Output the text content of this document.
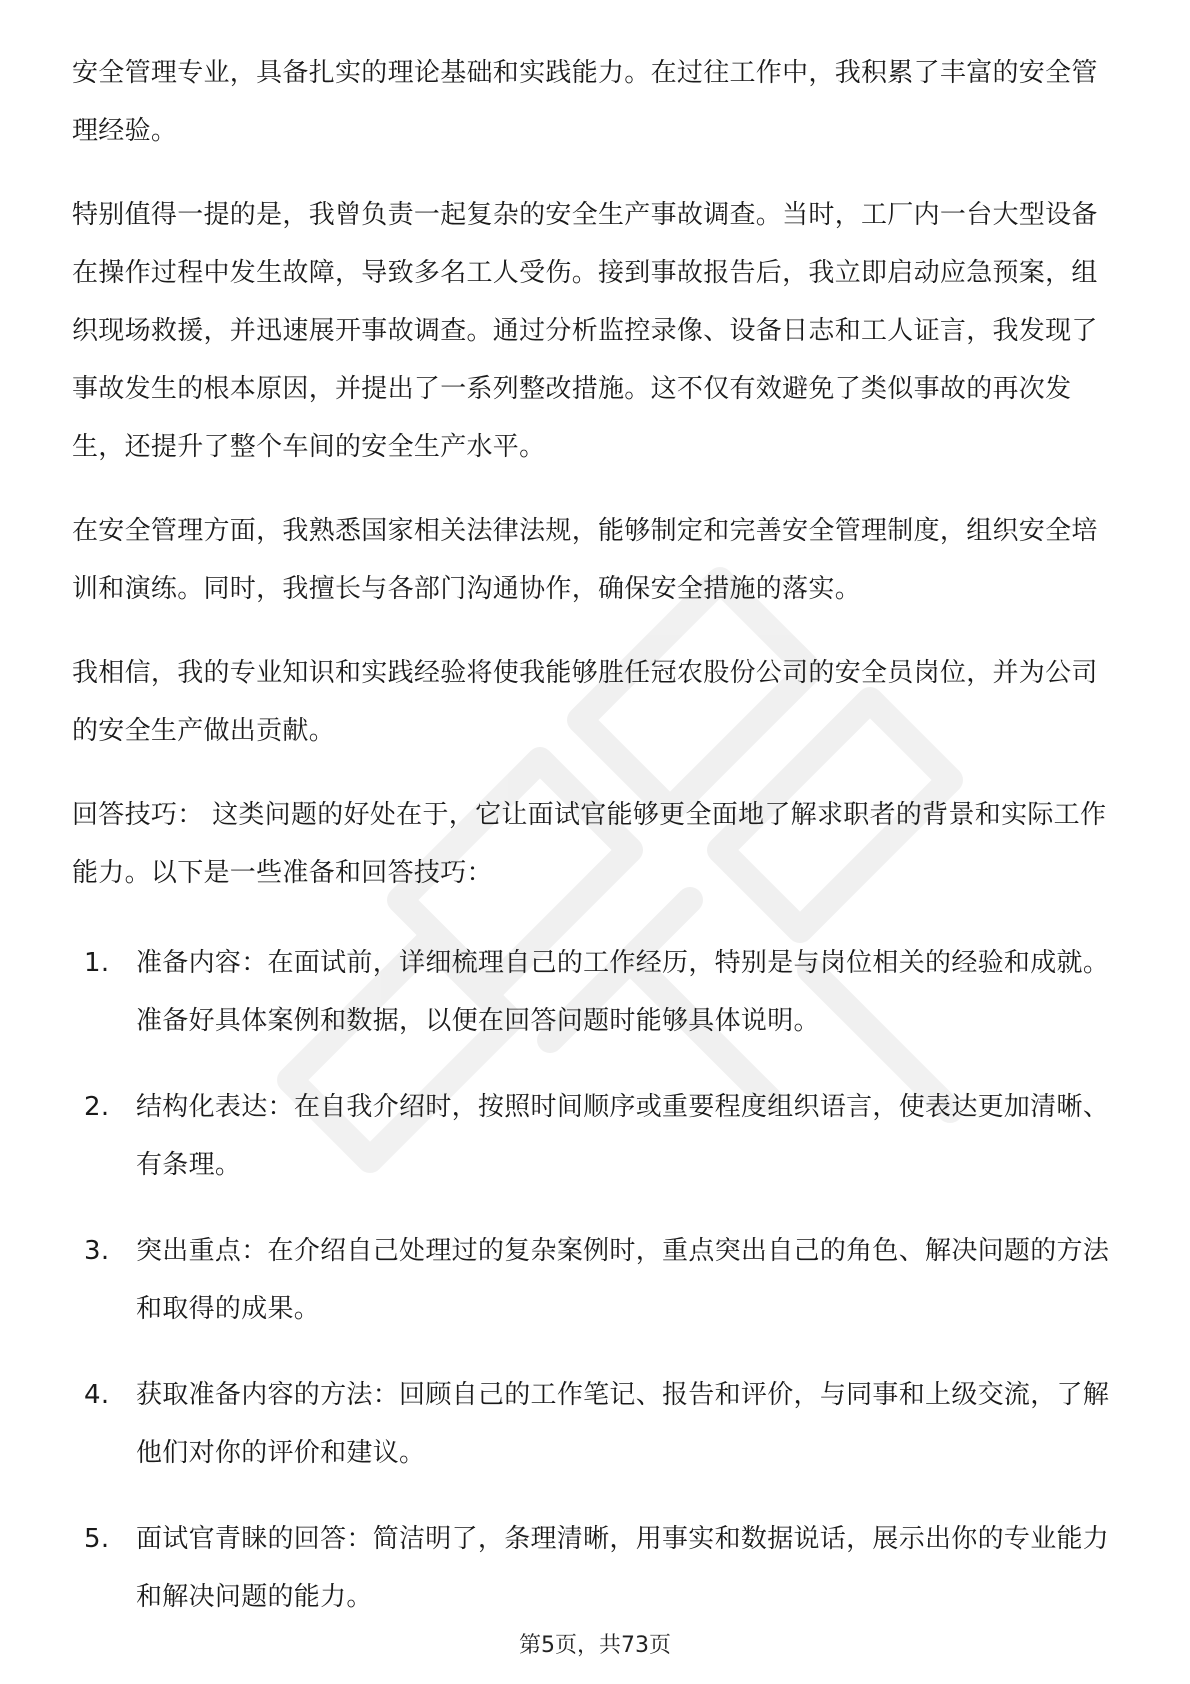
安全管理专业，具备扎实的理论基础和实践能力。在过往工作中，我积累了丰富的安全管理经验。

特别值得一提的是，我曾负责一起复杂的安全生产事故调查。当时，工厂内一台大型设备在操作过程中发生故障，导致多名工人受伤。接到事故报告后，我立即启动应急预案，组织现场救援，并迅速展开事故调查。通过分析监控录像、设备日志和工人证言，我发现了事故发生的根本原因，并提出了一系列整改措施。这不仅有效避免了类似事故的再次发生，还提升了整个车间的安全生产水平。

在安全管理方面，我熟悉国家相关法律法规，能够制定和完善安全管理制度，组织安全培训和演练。同时，我擅长与各部门沟通协作，确保安全措施的落实。

我相信，我的专业知识和实践经验将使我能够胜任冠农股份公司的安全员岗位，并为公司的安全生产做出贡献。

回答技巧： 这类问题的好处在于，它让面试官能够更全面地了解求职者的背景和实际工作能力。以下是一些准备和回答技巧：

1.	准备内容：在面试前，详细梳理自己的工作经历，特别是与岗位相关的经验和成就。准备好具体案例和数据，以便在回答问题时能够具体说明。
2.	结构化表达：在自我介绍时，按照时间顺序或重要程度组织语言，使表达更加清晰、有条理。
3.	突出重点：在介绍自己处理过的复杂案例时，重点突出自己的角色、解决问题的方法和取得的成果。
4.	获取准备内容的方法：回顾自己的工作笔记、报告和评价，与同事和上级交流，了解他们对你的评价和建议。
5.	面试官青睐的回答：简洁明了，条理清晰，用事实和数据说话，展示出你的专业能力和解决问题的能力。
第5页，共73页
